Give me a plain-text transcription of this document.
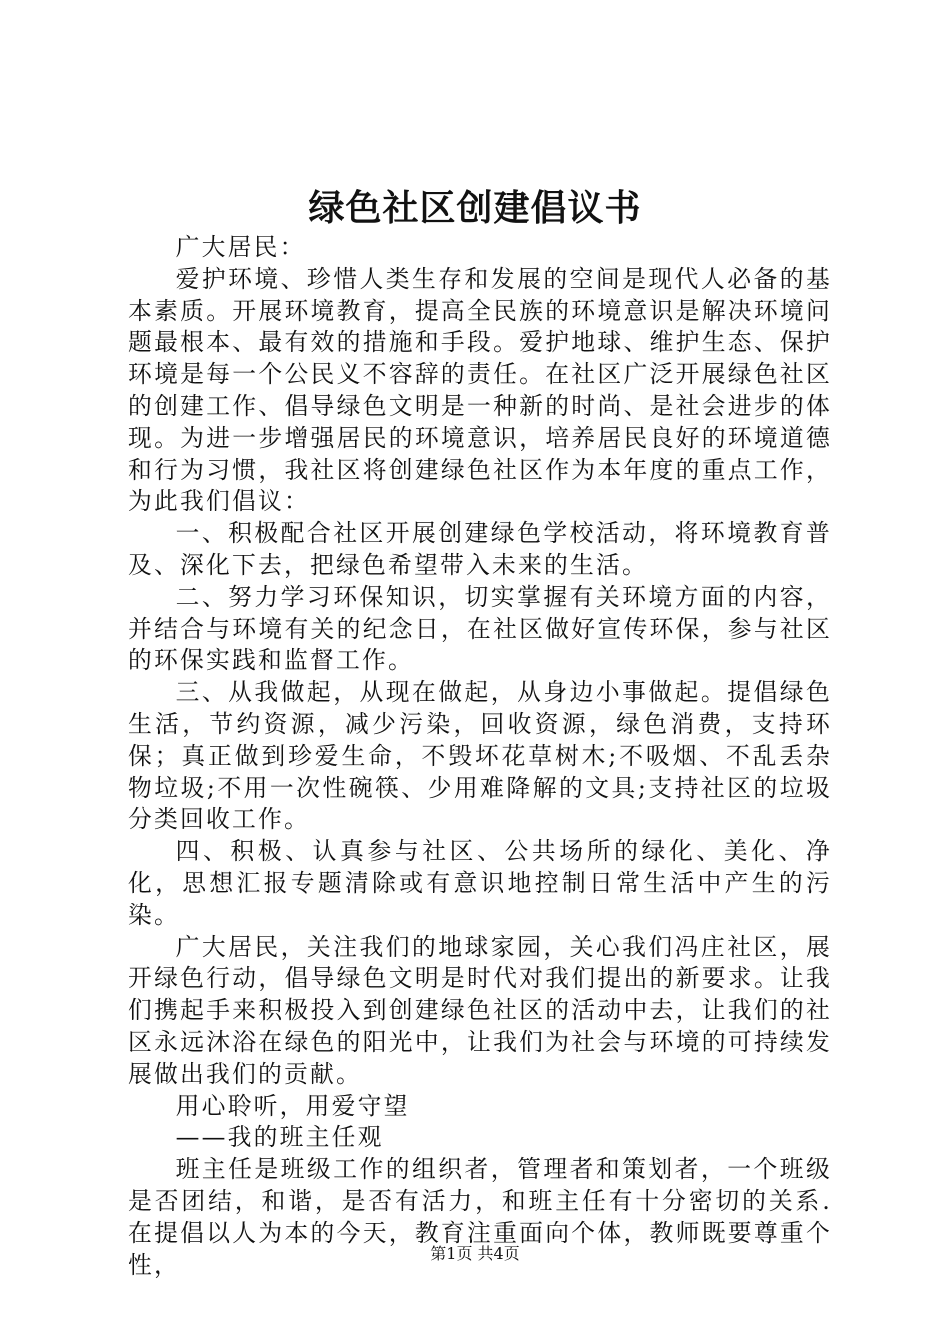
绿色社区创建倡议书

广大居民：

爱护环境、珍惜人类生存和发展的空间是现代人必备的基本素质。开展环境教育，提高全民族的环境意识是解决环境问题最根本、最有效的措施和手段。爱护地球、维护生态、保护环境是每一个公民义不容辞的责任。在社区广泛开展绿色社区的创建工作、倡导绿色文明是一种新的时尚、是社会进步的体现。为进一步增强居民的环境意识，培养居民良好的环境道德和行为习惯，我社区将创建绿色社区作为本年度的重点工作，为此我们倡议：

一、积极配合社区开展创建绿色学校活动，将环境教育普及、深化下去，把绿色希望带入未来的生活。

二、努力学习环保知识，切实掌握有关环境方面的内容，并结合与环境有关的纪念日，在社区做好宣传环保，参与社区的环保实践和监督工作。

三、从我做起，从现在做起，从身边小事做起。提倡绿色生活，节约资源，减少污染，回收资源，绿色消费，支持环保；真正做到珍爱生命，不毁坏花草树木;不吸烟、不乱丢杂物垃圾;不用一次性碗筷、少用难降解的文具;支持社区的垃圾分类回收工作。

四、积极、认真参与社区、公共场所的绿化、美化、净化，思想汇报专题清除或有意识地控制日常生活中产生的污染。

广大居民，关注我们的地球家园，关心我们冯庄社区，展开绿色行动，倡导绿色文明是时代对我们提出的新要求。让我们携起手来积极投入到创建绿色社区的活动中去，让我们的社区永远沐浴在绿色的阳光中，让我们为社会与环境的可持续发展做出我们的贡献。

用心聆听，用爱守望

——我的班主任观

班主任是班级工作的组织者，管理者和策划者，一个班级是否团结，和谐，是否有活力，和班主任有十分密切的关系.在提倡以人为本的今天，教育注重面向个体，教师既要尊重个性，	第1页 共4页
